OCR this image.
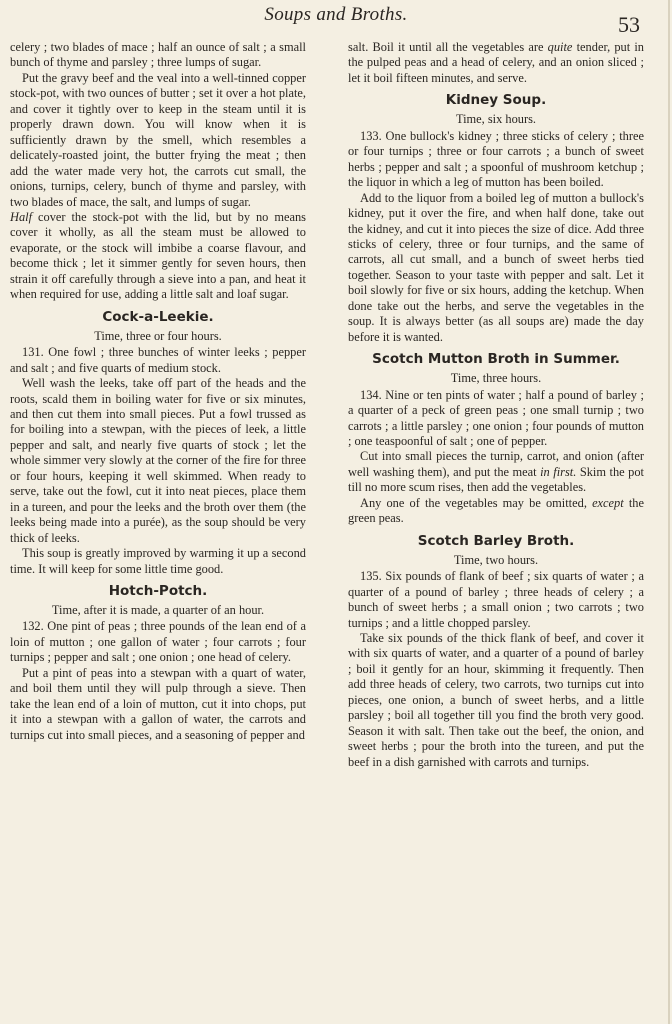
Soups and Broths.	53

celery ; two blades of mace ; half an ounce of salt ; a small bunch of thyme and parsley ; three lumps of sugar.

Put the gravy beef and the veal into a well-tinned copper stock-pot, with two ounces of butter ; set it over a hot plate, and cover it tightly over to keep in the steam until it is properly drawn down. You will know when it is sufficiently drawn by the smell, which resembles a delicately-roasted joint, the butter frying the meat ; then add the water made very hot, the carrots cut small, the onions, turnips, celery, bunch of thyme and parsley, with two blades of mace, the salt, and lumps of sugar.

Half cover the stock-pot with the lid, but by no means cover it wholly, as all the steam must be allowed to evaporate, or the stock will imbibe a coarse flavour, and become thick ; let it simmer gently for seven hours, then strain it off carefully through a sieve into a pan, and heat it when required for use, adding a little salt and loaf sugar.

Cock-a-Leekie.

Time, three or four hours.

131. One fowl ; three bunches of winter leeks ; pepper and salt ; and five quarts of medium stock.

Well wash the leeks, take off part of the heads and the roots, scald them in boiling water for five or six minutes, and then cut them into small pieces. Put a fowl trussed as for boiling into a stewpan, with the pieces of leek, a little pepper and salt, and nearly five quarts of stock ; let the whole simmer very slowly at the corner of the fire for three or four hours, keeping it well skimmed. When ready to serve, take out the fowl, cut it into neat pieces, place them in a tureen, and pour the leeks and the broth over them (the leeks being made into a purée), as the soup should be very thick of leeks.

This soup is greatly improved by warming it up a second time. It will keep for some little time good.

Hotch-Potch.

Time, after it is made, a quarter of an hour.

132. One pint of peas ; three pounds of the lean end of a loin of mutton ; one gallon of water ; four carrots ; four turnips ; pepper and salt ; one onion ; one head of celery.

Put a pint of peas into a stewpan with a quart of water, and boil them until they will pulp through a sieve. Then take the lean end of a loin of mutton, cut it into chops, put it into a stewpan with a gallon of water, the carrots and turnips cut into small pieces, and a seasoning of pepper and

salt. Boil it until all the vegetables are quite tender, put in the pulped peas and a head of celery, and an onion sliced ; let it boil fifteen minutes, and serve.

Kidney Soup.

Time, six hours.

133. One bullock's kidney ; three sticks of celery ; three or four turnips ; three or four carrots ; a bunch of sweet herbs ; pepper and salt ; a spoonful of mushroom ketchup ; the liquor in which a leg of mutton has been boiled.

Add to the liquor from a boiled leg of mutton a bullock's kidney, put it over the fire, and when half done, take out the kidney, and cut it into pieces the size of dice. Add three sticks of celery, three or four turnips, and the same of carrots, all cut small, and a bunch of sweet herbs tied together. Season to your taste with pepper and salt. Let it boil slowly for five or six hours, adding the ketchup. When done take out the herbs, and serve the vegetables in the soup. It is always better (as all soups are) made the day before it is wanted.

Scotch Mutton Broth in Summer.

Time, three hours.

134. Nine or ten pints of water ; half a pound of barley ; a quarter of a peck of green peas ; one small turnip ; two carrots ; a little parsley ; one onion ; four pounds of mutton ; one teaspoonful of salt ; one of pepper.

Cut into small pieces the turnip, carrot, and onion (after well washing them), and put the meat in first. Skim the pot till no more scum rises, then add the vegetables.

Any one of the vegetables may be omitted, except the green peas.

Scotch Barley Broth.

Time, two hours.

135. Six pounds of flank of beef ; six quarts of water ; a quarter of a pound of barley ; three heads of celery ; a bunch of sweet herbs ; a small onion ; two carrots ; two turnips ; and a little chopped parsley.

Take six pounds of the thick flank of beef, and cover it with six quarts of water, and a quarter of a pound of barley ; boil it gently for an hour, skimming it frequently. Then add three heads of celery, two carrots, two turnips cut into pieces, one onion, a bunch of sweet herbs, and a little parsley ; boil all together till you find the broth very good. Season it with salt. Then take out the beef, the onion, and sweet herbs ; pour the broth into the tureen, and put the beef in a dish garnished with carrots and turnips.
